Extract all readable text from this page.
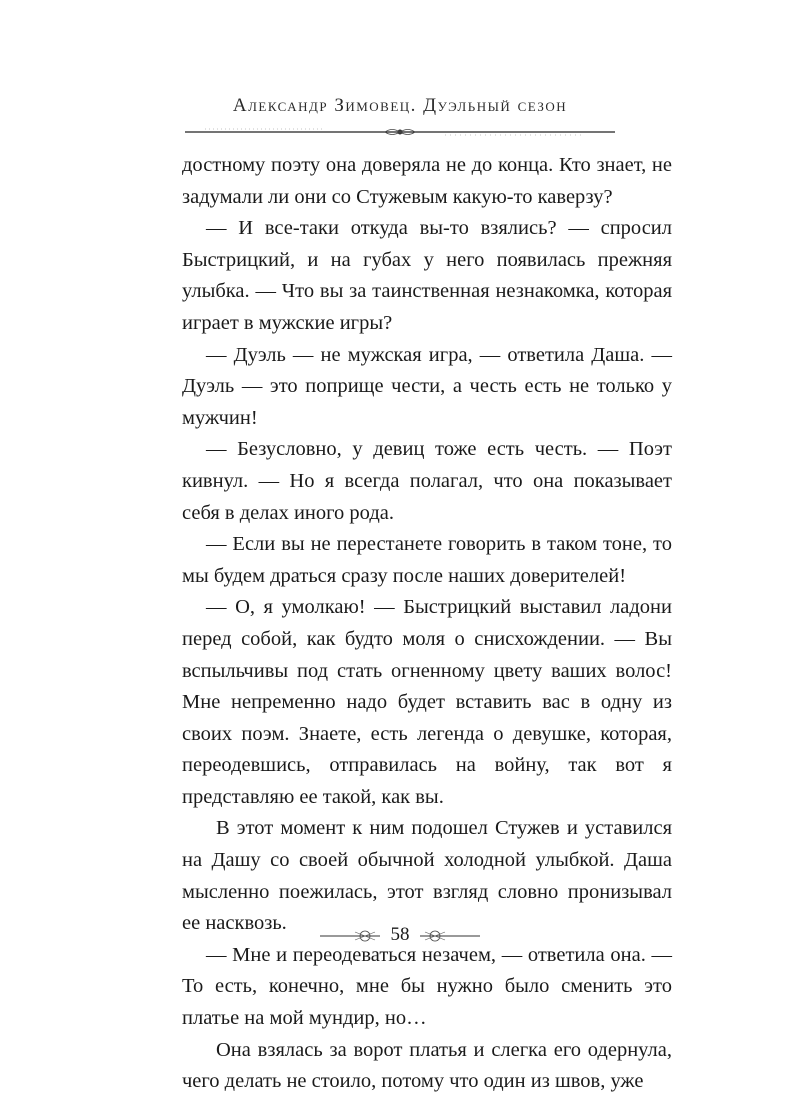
Александр Зимовец. Дуэльный сезон

достному поэту она доверяла не до конца. Кто знает, не задумали ли они со Стужевым какую-то каверзу?

— И все-таки откуда вы-то взялись? — спросил Быстрицкий, и на губах у него появилась прежняя улыбка. — Что вы за таинственная незнакомка, которая играет в мужские игры?

— Дуэль — не мужская игра, — ответила Даша. — Дуэль — это поприще чести, а честь есть не только у мужчин!

— Безусловно, у девиц тоже есть честь. — Поэт кивнул. — Но я всегда полагал, что она показывает себя в делах иного рода.

— Если вы не перестанете говорить в таком тоне, то мы будем драться сразу после наших доверителей!

— О, я умолкаю! — Быстрицкий выставил ладони перед собой, как будто моля о снисхождении. — Вы вспыльчивы под стать огненному цвету ваших волос! Мне непременно надо будет вставить вас в одну из своих поэм. Знаете, есть легенда о девушке, которая, переодевшись, отправилась на войну, так вот я представляю ее такой, как вы.

В этот момент к ним подошел Стужев и уставился на Дашу со своей обычной холодной улыбкой. Даша мысленно поежилась, этот взгляд словно пронизывал ее насквозь.

— Мне и переодеваться незачем, — ответила она. — То есть, конечно, мне бы нужно было сменить это платье на мой мундир, но…

Она взялась за ворот платья и слегка его одернула, чего делать не стоило, потому что один из швов, уже

58
